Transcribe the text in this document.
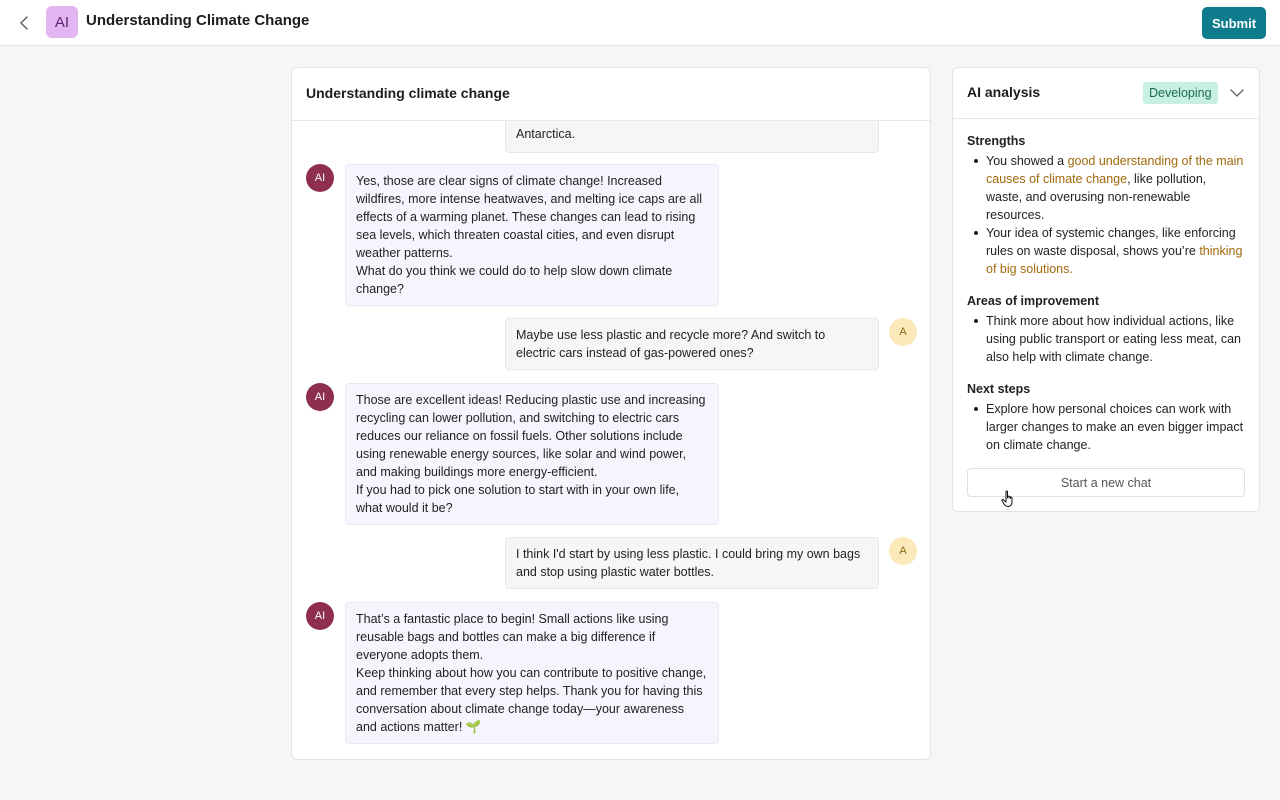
AI	Understanding Climate Change	Submit
Understanding climate change

Antarctica.

AI	Yes, those are clear signs of climate change! Increased wildfires, more intense heatwaves, and melting ice caps are all effects of a warming planet. These changes can lead to rising sea levels, which threaten coastal cities, and even disrupt weather patterns.

What do you think we could do to help slow down climate change?

Maybe use less plastic and recycle more? And switch to electric cars instead of gas-powered ones?

A
AI	Those are excellent ideas! Reducing plastic use and increasing recycling can lower pollution, and switching to electric cars reduces our reliance on fossil fuels. Other solutions include using renewable energy sources, like solar and wind power, and making buildings more energy-efficient.

If you had to pick one solution to start with in your own life, what would it be?

I think I'd start by using less plastic. I could bring my own bags and stop using plastic water bottles.

A
AI	That’s a fantastic place to begin! Small actions like using reusable bags and bottles can make a big difference if everyone adopts them.

Keep thinking about how you can contribute to positive change, and remember that every step helps. Thank you for having this conversation about climate change today—your awareness and actions matter! 🌱

AI analysis	Developing
Strengths
You showed a good understanding of the main causes of climate change, like pollution, waste, and overusing non-renewable resources.
Your idea of systemic changes, like enforcing rules on waste disposal, shows you’re thinking of big solutions.
Areas of improvement
Think more about how individual actions, like using public transport or eating less meat, can also help with climate change.
Next steps
Explore how personal choices can work with larger changes to make an even bigger impact on climate change.
Start a new chat
